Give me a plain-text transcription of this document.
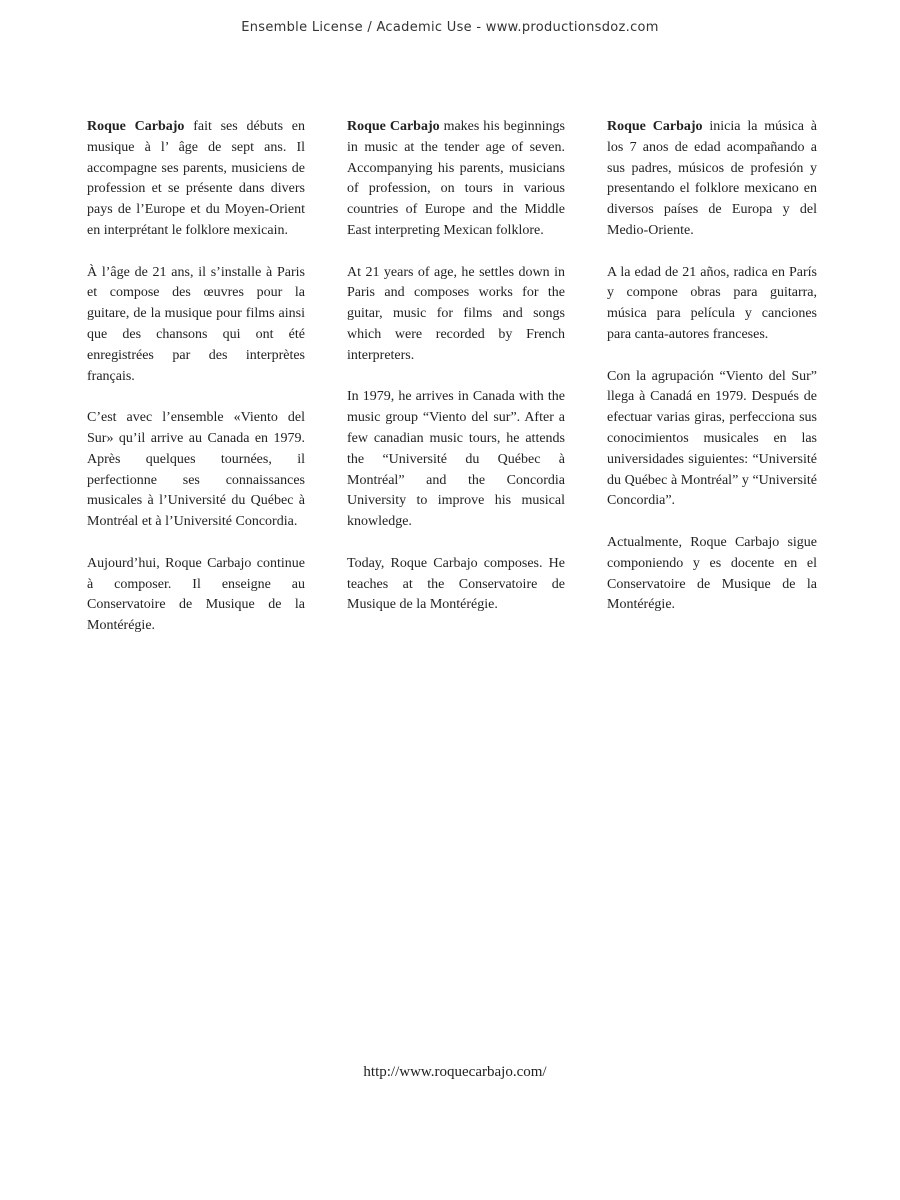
Ensemble License / Academic Use - www.productionsdoz.com

Roque Carbajo fait ses débuts en musique à l’ âge de sept ans. Il accompagne ses parents, musiciens de profession et se présente dans divers pays de l’Europe et du Moyen-Orient en interprétant le folklore mexicain.

À l’âge de 21 ans, il s’installe à Paris et compose des œuvres pour la guitare, de la musique pour films ainsi que des chansons qui ont été enregistrées par des interprètes français.

C’est avec l’ensemble «Viento del Sur» qu’il arrive au Canada en 1979. Après quelques tournées, il perfectionne ses connaissances musicales à l’Université du Québec à Montréal et à l’Université Concordia.

Aujourd’hui, Roque Carbajo continue à composer. Il enseigne au Conservatoire de Musique de la Montérégie.

Roque Carbajo makes his beginnings in music at the tender age of seven. Accompanying his parents, musicians of profession, on tours in various countries of Europe and the Middle East interpreting Mexican folklore.

At 21 years of age, he settles down in Paris and composes works for the guitar, music for films and songs which were recorded by French interpreters.

In 1979, he arrives in Canada with the music group “Viento del sur”. After a few canadian music tours, he attends the “Université du Québec à Montréal” and the Concordia University to improve his musical knowledge.

Today, Roque Carbajo composes. He teaches at the Conservatoire de Musique de la Montérégie.

Roque Carbajo inicia la música à los 7 anos de edad acompañando a sus padres, músicos de profesión y presentando el folklore mexicano en diversos países de Europa y del Medio-Oriente.

A la edad de 21 años, radica en París y compone obras para guitarra, música para película y canciones para canta-autores franceses.

Con la agrupación “Viento del Sur” llega à Canadá en 1979. Después de efectuar varias giras, perfecciona sus conocimientos musicales en las universidades siguientes: “Université du Québec à Montréal” y “Université Concordia”.

Actualmente, Roque Carbajo sigue componiendo y es docente en el Conservatoire de Musique de la Montérégie.

http://www.roquecarbajo.com/
